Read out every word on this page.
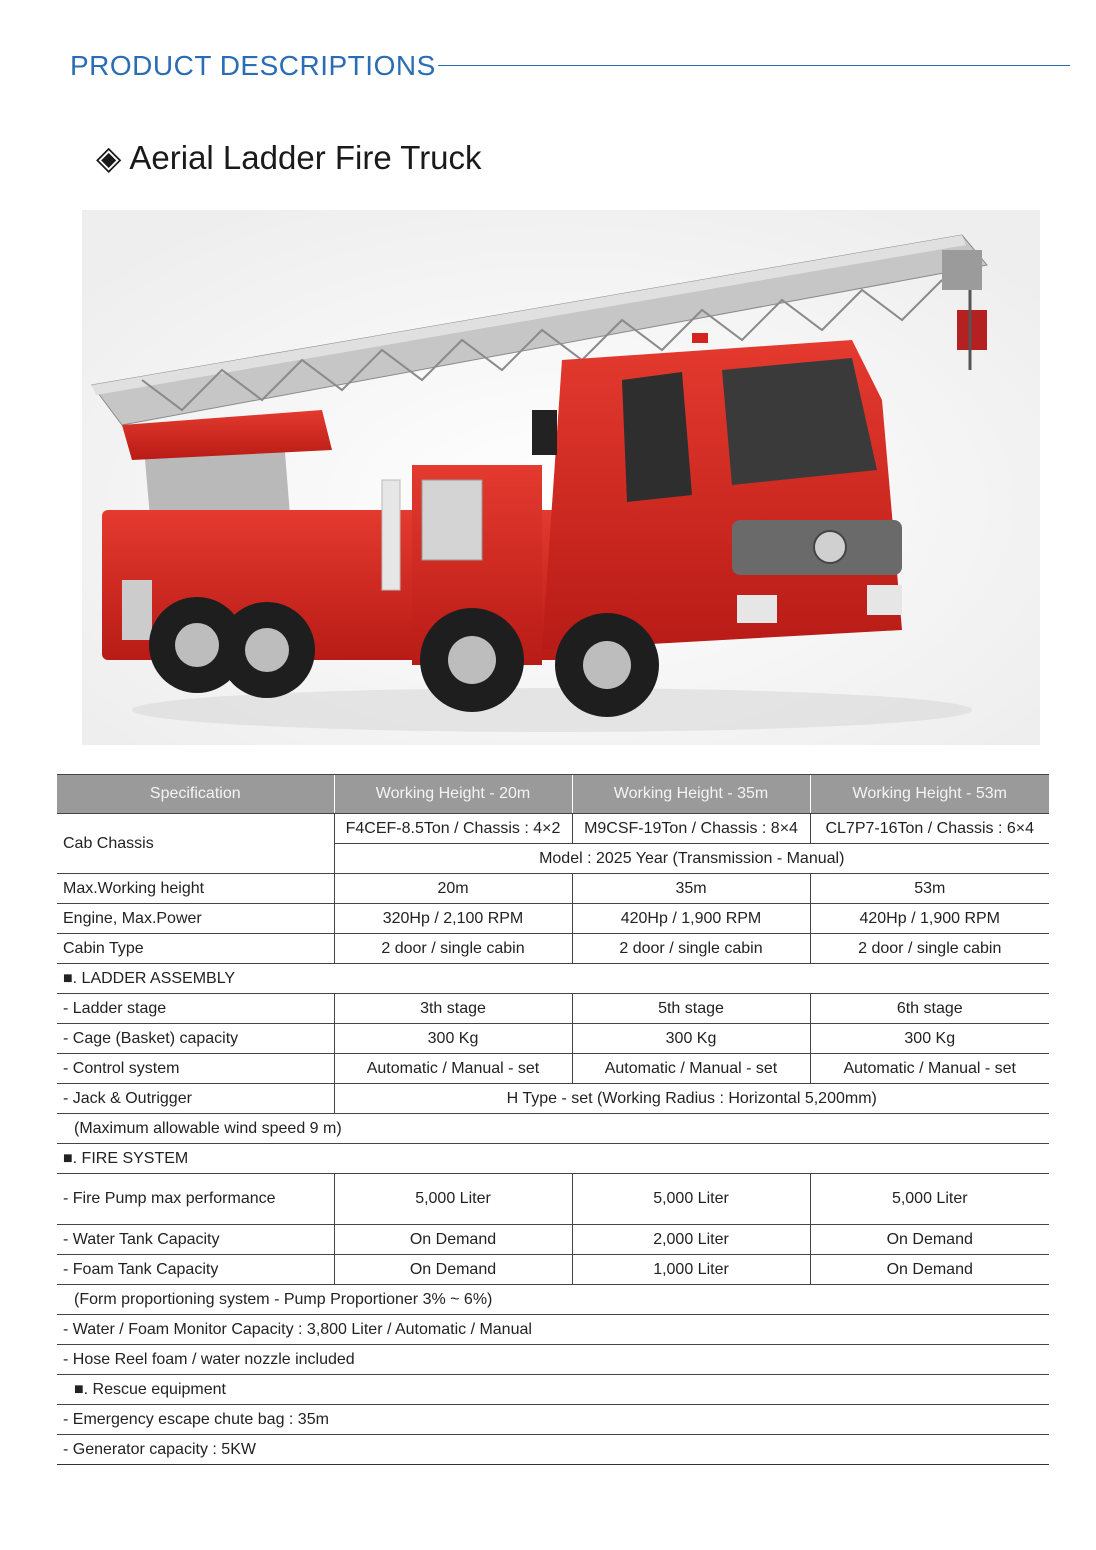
PRODUCT DESCRIPTIONS
◈ Aerial Ladder Fire Truck
Specification	Working Height - 20m	Working Height - 35m	Working Height - 53m
Cab Chassis	F4CEF-8.5Ton / Chassis : 4×2	M9CSF-19Ton / Chassis : 8×4	CL7P7-16Ton / Chassis : 6×4
	Model : 2025 Year (Transmission - Manual)		
Max.Working height	20m	35m	53m
Engine, Max.Power	320Hp / 2,100 RPM	420Hp / 1,900 RPM	420Hp / 1,900 RPM
Cabin Type	2 door / single cabin	2 door / single cabin	2 door / single cabin
■. LADDER ASSEMBLY			
- Ladder stage	3th stage	5th stage	6th stage
- Cage (Basket) capacity	300 Kg	300 Kg	300 Kg
- Control system	Automatic / Manual - set	Automatic / Manual - set	Automatic / Manual - set
- Jack & Outrigger	H Type - set (Working Radius : Horizontal 5,200mm)		
(Maximum allowable wind speed 9 m)			
■. FIRE SYSTEM			
- Fire Pump max performance	5,000 Liter	5,000 Liter	5,000 Liter
- Water Tank Capacity	On Demand	2,000 Liter	On Demand
- Foam Tank Capacity	On Demand	1,000 Liter	On Demand
(Form proportioning system - Pump Proportioner 3% ~ 6%)			
- Water / Foam Monitor Capacity : 3,800 Liter / Automatic / Manual			
- Hose Reel foam / water nozzle included			
■. Rescue equipment			
- Emergency escape chute bag : 35m			
- Generator capacity : 5KW			
